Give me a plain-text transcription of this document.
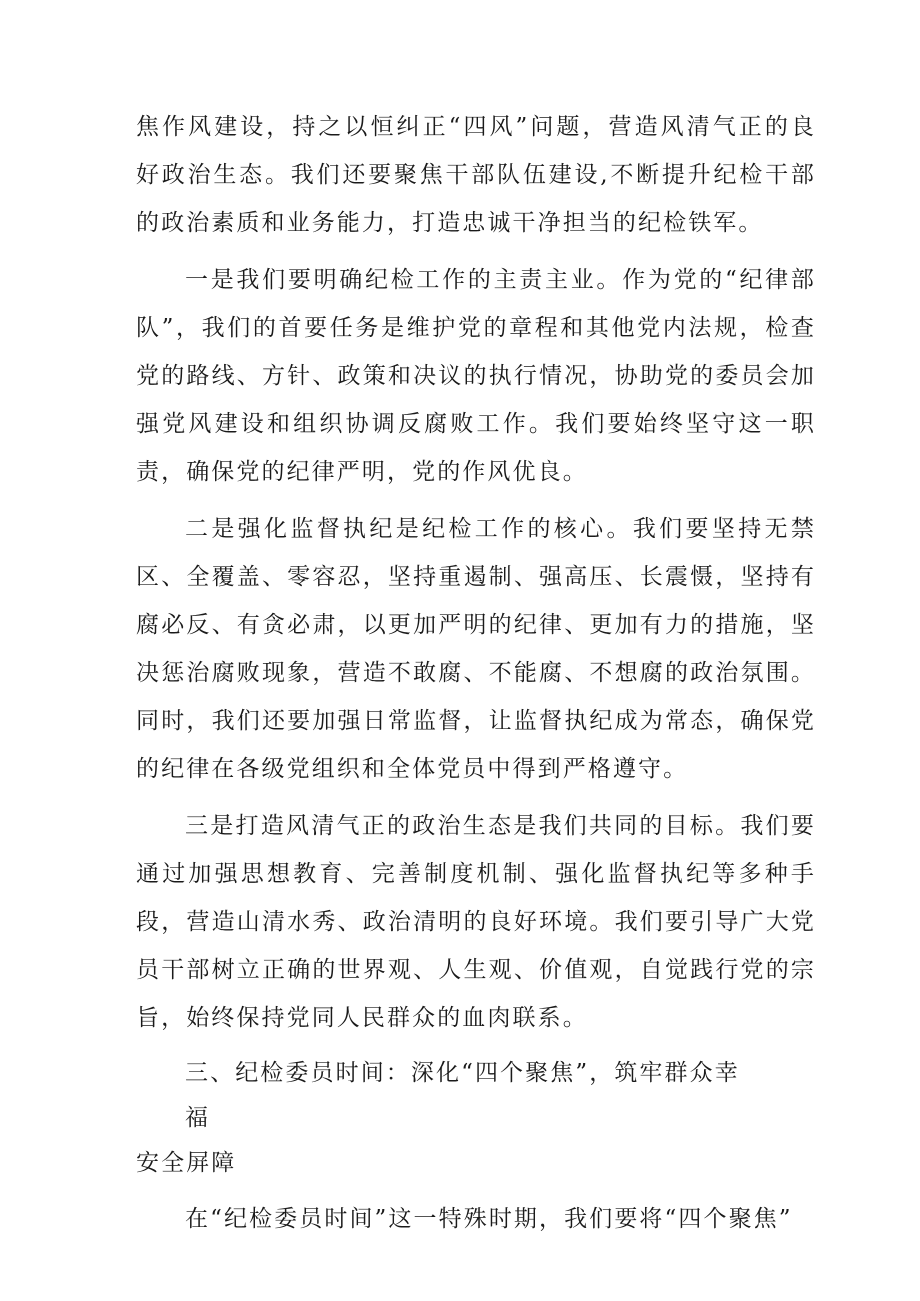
焦作风建设，持之以恒纠正“四风”问题，营造风清气正的良好政治生态。我们还要聚焦干部队伍建设,不断提升纪检干部的政治素质和业务能力，打造忠诚干净担当的纪检铁军。

一是我们要明确纪检工作的主责主业。作为党的“纪律部队”，我们的首要任务是维护党的章程和其他党内法规，检查党的路线、方针、政策和决议的执行情况，协助党的委员会加强党风建设和组织协调反腐败工作。我们要始终坚守这一职责，确保党的纪律严明，党的作风优良。

二是强化监督执纪是纪检工作的核心。我们要坚持无禁区、全覆盖、零容忍，坚持重遏制、强高压、长震慑，坚持有腐必反、有贪必肃，以更加严明的纪律、更加有力的措施，坚决惩治腐败现象，营造不敢腐、不能腐、不想腐的政治氛围。同时，我们还要加强日常监督，让监督执纪成为常态，确保党的纪律在各级党组织和全体党员中得到严格遵守。

三是打造风清气正的政治生态是我们共同的目标。我们要通过加强思想教育、完善制度机制、强化监督执纪等多种手段，营造山清水秀、政治清明的良好环境。我们要引导广大党员干部树立正确的世界观、人生观、价值观，自觉践行党的宗旨，始终保持党同人民群众的血肉联系。

三、纪检委员时间：深化“四个聚焦”，筑牢群众幸福
安全屏障

在“纪检委员时间”这一特殊时期，我们要将“四个聚焦”
